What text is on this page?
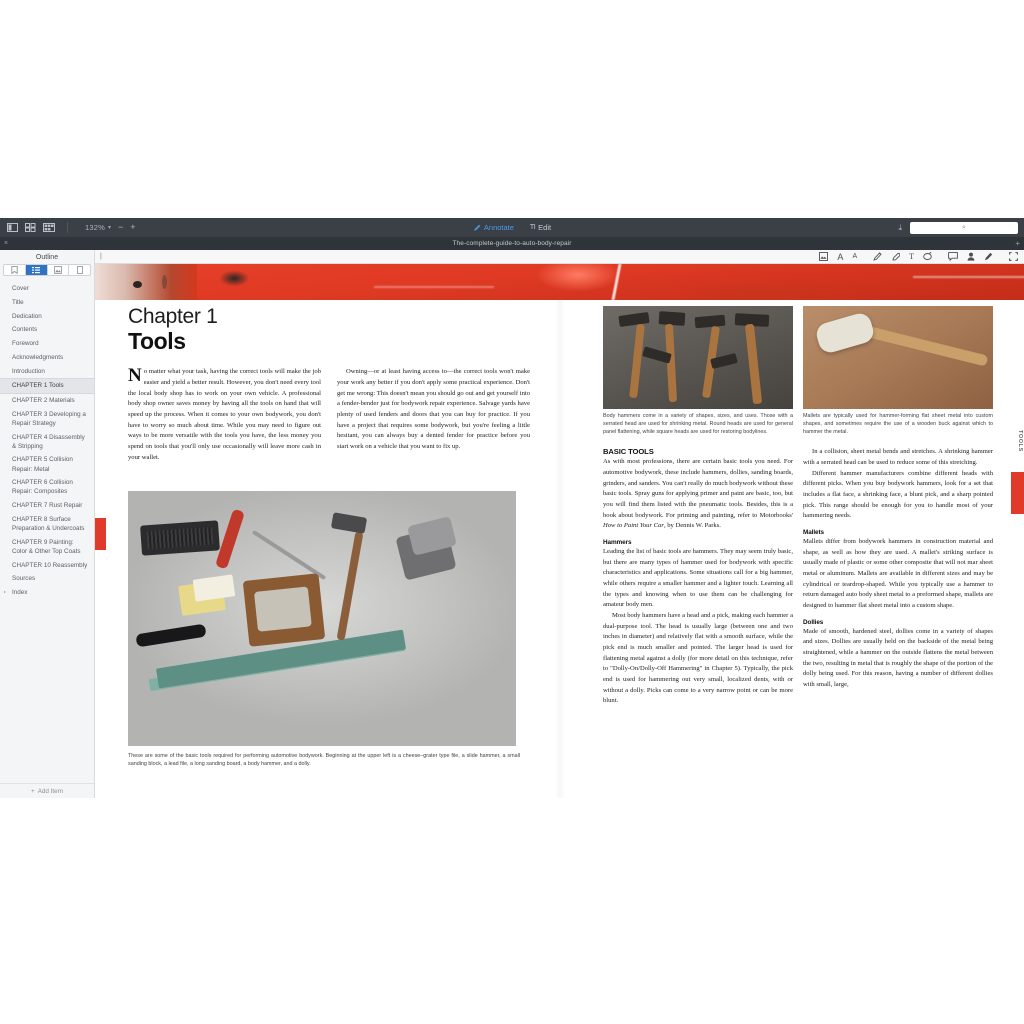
132% ▾ − +	Annotate TI Edit	⤓	⌕
×	The-complete-guide-to-auto-body-repair	+
Outline
Cover
Title
Dedication
Contents
Foreword
Acknowledgments
Introduction
CHAPTER 1 Tools
CHAPTER 2 Materials
CHAPTER 3 Developing a Repair Strategy
CHAPTER 4 Disassembly & Stripping
CHAPTER 5 Collision Repair: Metal
CHAPTER 6 Collision Repair: Composites
CHAPTER 7 Rust Repair
CHAPTER 8 Surface Preparation & Undercoats
CHAPTER 9 Painting: Color & Other Top Coats
CHAPTER 10 Reassembly
Sources
▸ Index
+ Add Item
|	A A	T
TOOLS
Chapter 1
Tools

No matter what your task, having the correct tools will make the job easier and yield a better result. However, you don't need every tool the local body shop has to work on your own vehicle. A professional body shop owner saves money by having all the tools on hand that will speed up the process. When it comes to your own bodywork, you don't have to worry so much about time. While you may need to figure out ways to be more versatile with the tools you have, the less money you spend on tools that you'll only use occasionally will leave more cash in your wallet.

Owning—or at least having access to—the correct tools won't make your work any better if you don't apply some practical experience. Don't get me wrong: This doesn't mean you should go out and get yourself into a fender-bender just for bodywork repair experience. Salvage yards have plenty of used fenders and doors that you can buy for practice. If you have a project that requires some bodywork, but you're feeling a little hesitant, you can always buy a dented fender for practice before you start work on a vehicle that you want to fix up.

These are some of the basic tools required for performing automotive bodywork. Beginning at the upper left is a cheese–grater type file, a slide hammer, a small sanding block, a lead file, a long sanding board, a body hammer, and a dolly.
Body hammers come in a variety of shapes, sizes, and uses. Those with a serrated head are used for shrinking metal. Round heads are used for general panel flattening, while square heads are used for restoring bodylines.
Mallets are typically used for hammer-forming flat sheet metal into custom shapes, and sometimes require the use of a wooden buck against which to hammer the metal.
BASIC TOOLS

As with most professions, there are certain basic tools you need. For automotive bodywork, these include hammers, dollies, sanding boards, grinders, and sanders. You can't really do much bodywork without these basic tools. Spray guns for applying primer and paint are basic, too, but you will find them listed with the pneumatic tools. Besides, this is a book about bodywork. For priming and painting, refer to Motorbooks' How to Paint Your Car, by Dennis W. Parks.

Hammers

Leading the list of basic tools are hammers. They may seem truly basic, but there are many types of hammer used for bodywork with specific characteristics and applications. Some situations call for a big hammer, while others require a smaller hammer and a lighter touch. Learning all the types and knowing when to use them can be challenging for amateur body men.

Most body hammers have a head and a pick, making each hammer a dual-purpose tool. The head is usually large (between one and two inches in diameter) and relatively flat with a smooth surface, while the pick end is much smaller and pointed. The larger head is used for flattening metal against a dolly (for more detail on this technique, refer to "Dolly-On/Dolly-Off Hammering" in Chapter 5). Typically, the pick end is used for hammering out very small, localized dents, with or without a dolly. Picks can come to a very narrow point or can be more blunt.

In a collision, sheet metal bends and stretches. A shrinking hammer with a serrated head can be used to reduce some of this stretching.

Different hammer manufacturers combine different heads with different picks. When you buy bodywork hammers, look for a set that includes a flat face, a shrinking face, a blunt pick, and a sharp pointed pick. This range should be enough for you to handle most of your hammering needs.

Mallets

Mallets differ from bodywork hammers in construction material and shape, as well as how they are used. A mallet's striking surface is usually made of plastic or some other composite that will not mar sheet metal or aluminum. Mallets are available in different sizes and may be cylindrical or teardrop-shaped. While you typically use a hammer to return damaged auto body sheet metal to a preformed shape, mallets are designed to hammer flat sheet metal into a custom shape.

Dollies

Made of smooth, hardened steel, dollies come in a variety of shapes and sizes. Dollies are usually held on the backside of the metal being straightened, while a hammer on the outside flattens the metal between the two, resulting in metal that is roughly the shape of the portion of the dolly being used. For this reason, having a number of different dollies with small, large,
